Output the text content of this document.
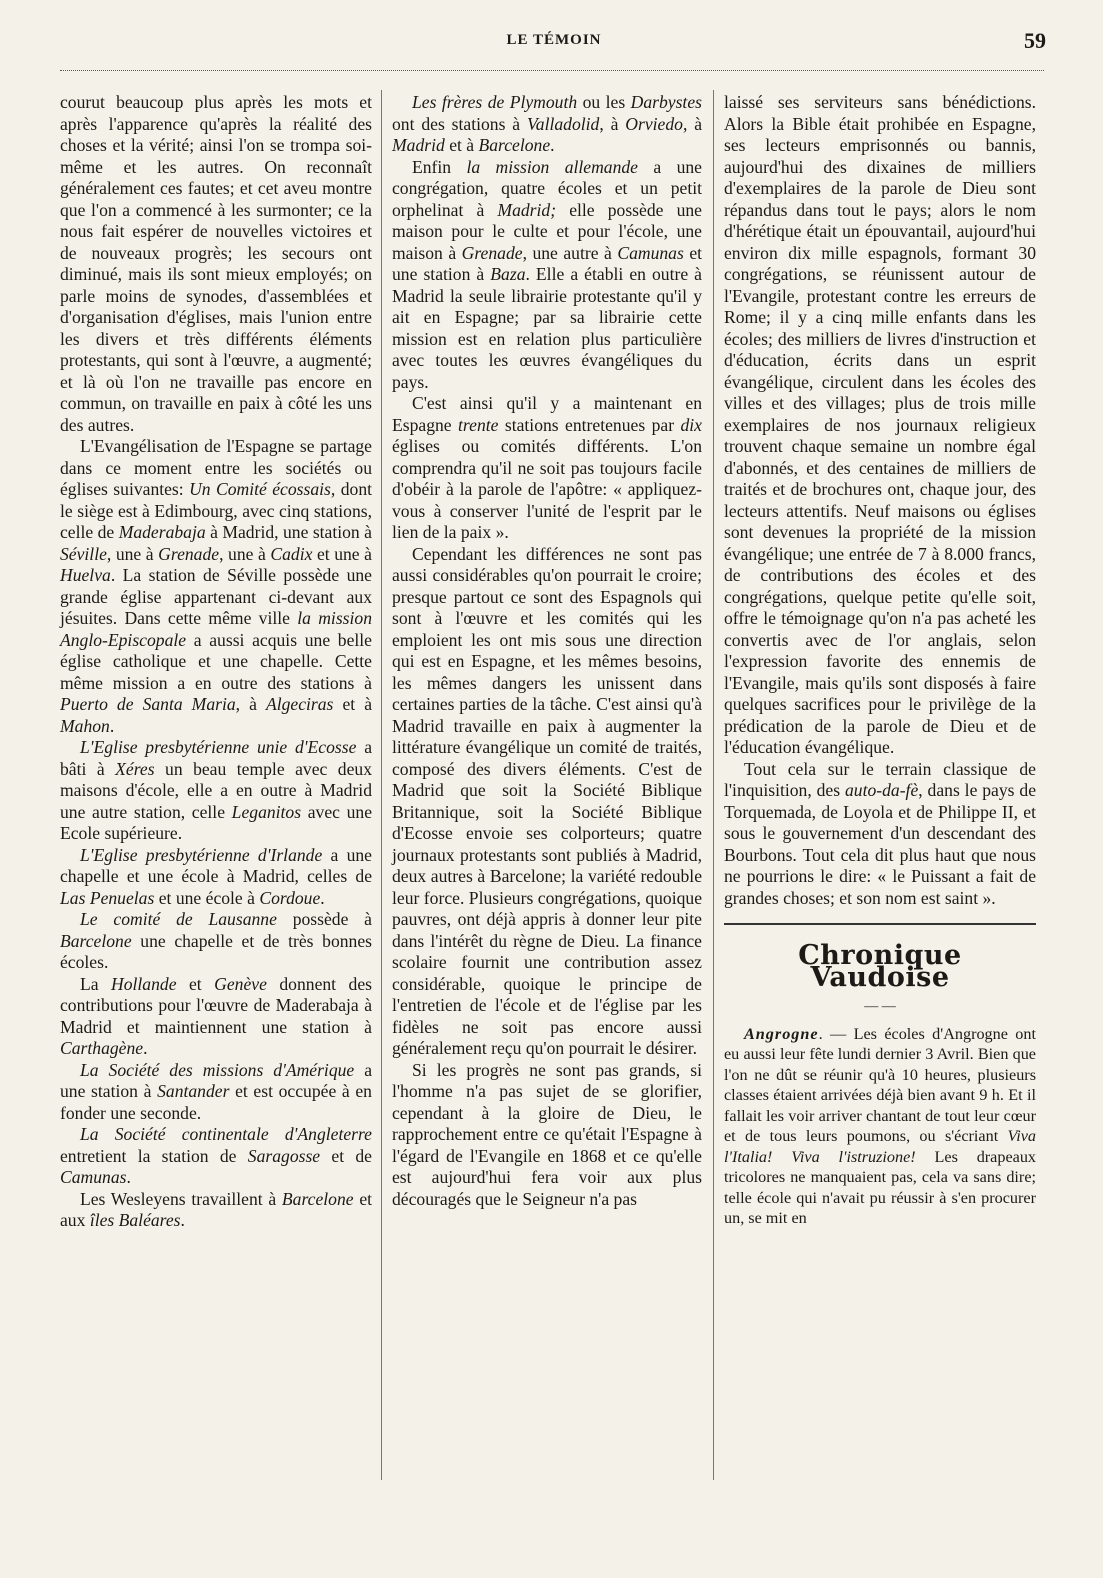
LE TÉMOIN	59

courut beaucoup plus après les mots et après l'apparence qu'après la réalité des choses et la vérité; ainsi l'on se trompa soi-même et les autres. On reconnaît généralement ces fautes; et cet aveu montre que l'on a commencé à les surmonter; ce la nous fait espérer de nouvelles victoires et de nouveaux progrès; les secours ont diminué, mais ils sont mieux employés; on parle moins de synodes, d'assemblées et d'organisation d'églises, mais l'union entre les divers et très différents éléments protestants, qui sont à l'œuvre, a augmenté; et là où l'on ne travaille pas encore en commun, on travaille en paix à côté les uns des autres.

L'Evangélisation de l'Espagne se partage dans ce moment entre les sociétés ou églises suivantes: Un Comité écossais, dont le siège est à Edimbourg, avec cinq stations, celle de Maderabaja à Madrid, une station à Séville, une à Grenade, une à Cadix et une à Huelva. La station de Séville possède une grande église appartenant ci-devant aux jésuites. Dans cette même ville la mission Anglo-Episcopale a aussi acquis une belle église catholique et une chapelle. Cette même mission a en outre des stations à Puerto de Santa Maria, à Algeciras et à Mahon.

L'Eglise presbytérienne unie d'Ecosse a bâti à Xéres un beau temple avec deux maisons d'école, elle a en outre à Madrid une autre station, celle Leganitos avec une Ecole supérieure.

L'Eglise presbytérienne d'Irlande a une chapelle et une école à Madrid, celles de Las Penuelas et une école à Cordoue.

Le comité de Lausanne possède à Barcelone une chapelle et de très bonnes écoles.

La Hollande et Genève donnent des contributions pour l'œuvre de Maderabaja à Madrid et maintiennent une station à Carthagène.

La Société des missions d'Amérique a une station à Santander et est occupée à en fonder une seconde.

La Société continentale d'Angleterre entretient la station de Saragosse et de Camunas.

Les Wesleyens travaillent à Barcelone et aux îles Baléares.

Les frères de Plymouth ou les Darbystes ont des stations à Valladolid, à Orviedo, à Madrid et à Barcelone.

Enfin la mission allemande a une congrégation, quatre écoles et un petit orphelinat à Madrid; elle possède une maison pour le culte et pour l'école, une maison à Grenade, une autre à Camunas et une station à Baza. Elle a établi en outre à Madrid la seule librairie protestante qu'il y ait en Espagne; par sa librairie cette mission est en relation plus particulière avec toutes les œuvres évangéliques du pays.

C'est ainsi qu'il y a maintenant en Espagne trente stations entretenues par dix églises ou comités différents. L'on comprendra qu'il ne soit pas toujours facile d'obéir à la parole de l'apôtre: « appliquez-vous à conserver l'unité de l'esprit par le lien de la paix ».

Cependant les différences ne sont pas aussi considérables qu'on pourrait le croire; presque partout ce sont des Espagnols qui sont à l'œuvre et les comités qui les emploient les ont mis sous une direction qui est en Espagne, et les mêmes besoins, les mêmes dangers les unissent dans certaines parties de la tâche. C'est ainsi qu'à Madrid travaille en paix à augmenter la littérature évangélique un comité de traités, composé des divers éléments. C'est de Madrid que soit la Société Biblique Britannique, soit la Société Biblique d'Ecosse envoie ses colporteurs; quatre journaux protestants sont publiés à Madrid, deux autres à Barcelone; la variété redouble leur force. Plusieurs congrégations, quoique pauvres, ont déjà appris à donner leur pite dans l'intérêt du règne de Dieu. La finance scolaire fournit une contribution assez considérable, quoique le principe de l'entretien de l'école et de l'église par les fidèles ne soit pas encore aussi généralement reçu qu'on pourrait le désirer.

Si les progrès ne sont pas grands, si l'homme n'a pas sujet de se glorifier, cependant à la gloire de Dieu, le rapprochement entre ce qu'était l'Espagne à l'égard de l'Evangile en 1868 et ce qu'elle est aujourd'hui fera voir aux plus découragés que le Seigneur n'a pas

laissé ses serviteurs sans bénédictions. Alors la Bible était prohibée en Espagne, ses lecteurs emprisonnés ou bannis, aujourd'hui des dixaines de milliers d'exemplaires de la parole de Dieu sont répandus dans tout le pays; alors le nom d'hérétique était un épouvantail, aujourd'hui environ dix mille espagnols, formant 30 congrégations, se réunissent autour de l'Evangile, protestant contre les erreurs de Rome; il y a cinq mille enfants dans les écoles; des milliers de livres d'instruction et d'éducation, écrits dans un esprit évangélique, circulent dans les écoles des villes et des villages; plus de trois mille exemplaires de nos journaux religieux trouvent chaque semaine un nombre égal d'abonnés, et des centaines de milliers de traités et de brochures ont, chaque jour, des lecteurs attentifs. Neuf maisons ou églises sont devenues la propriété de la mission évangélique; une entrée de 7 à 8.000 francs, de contributions des écoles et des congrégations, quelque petite qu'elle soit, offre le témoignage qu'on n'a pas acheté les convertis avec de l'or anglais, selon l'expression favorite des ennemis de l'Evangile, mais qu'ils sont disposés à faire quelques sacrifices pour le privilège de la prédication de la parole de Dieu et de l'éducation évangélique.

Tout cela sur le terrain classique de l'inquisition, des auto-da-fè, dans le pays de Torquemada, de Loyola et de Philippe II, et sous le gouvernement d'un descendant des Bourbons. Tout cela dit plus haut que nous ne pourrions le dire: « le Puissant a fait de grandes choses; et son nom est saint ».

Chronique Vaudoise
— —

Angrogne. — Les écoles d'Angrogne ont eu aussi leur fête lundi dernier 3 Avril. Bien que l'on ne dût se réunir qu'à 10 heures, plusieurs classes étaient arrivées déjà bien avant 9 h. Et il fallait les voir arriver chantant de tout leur cœur et de tous leurs poumons, ou s'écriant Viva l'Italia! Viva l'istruzione! Les drapeaux tricolores ne manquaient pas, cela va sans dire; telle école qui n'avait pu réussir à s'en procurer un, se mit en
